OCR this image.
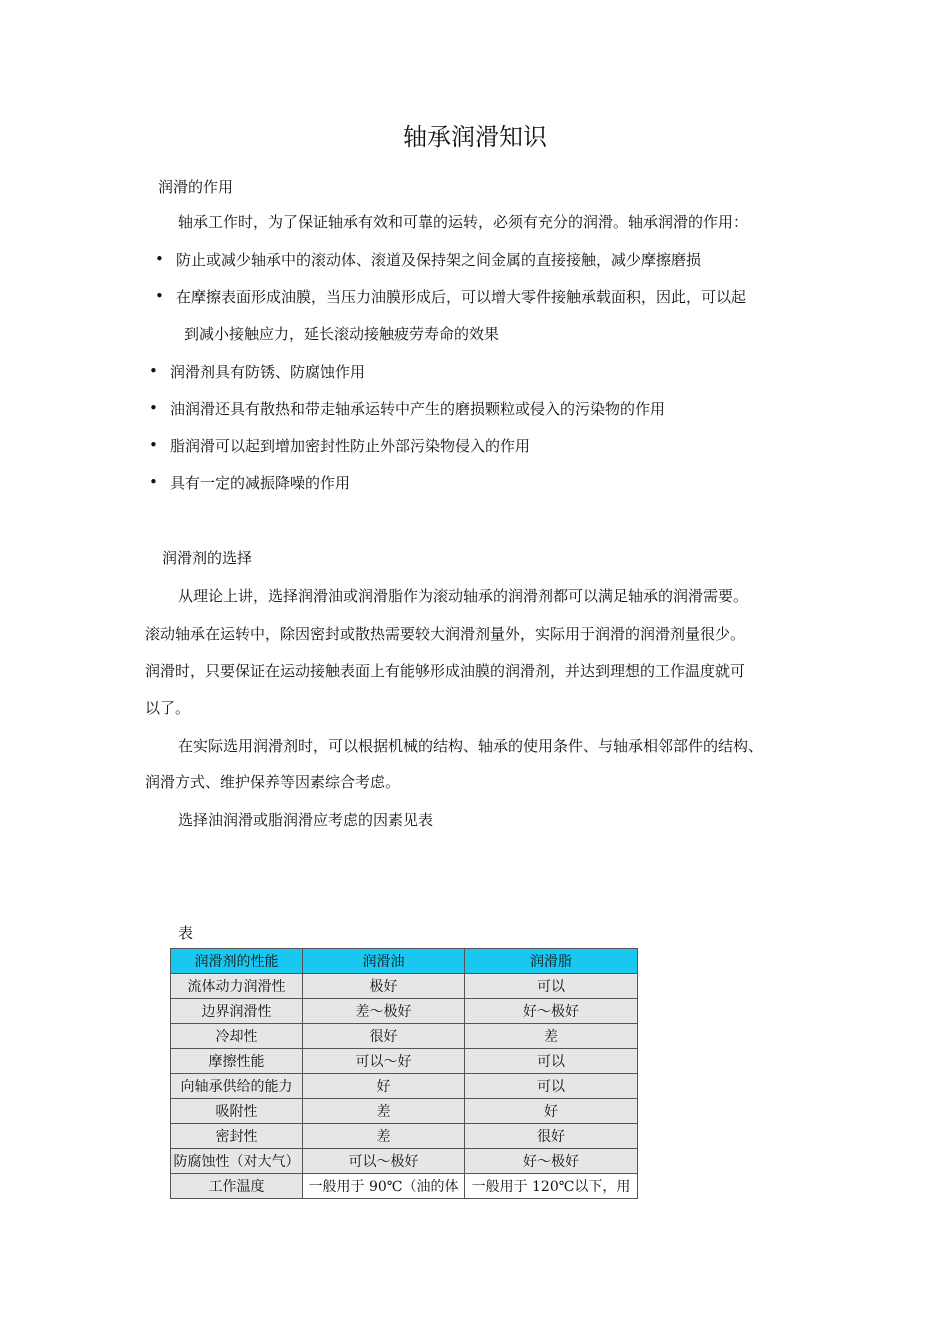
轴承润滑知识
润滑的作用
轴承工作时，为了保证轴承有效和可靠的运转，必须有充分的润滑。轴承润滑的作用：
• 防止或减少轴承中的滚动体、滚道及保持架之间金属的直接接触，减少摩擦磨损
• 在摩擦表面形成油膜，当压力油膜形成后，可以增大零件接触承载面积，因此，可以起
到减小接触应力，延长滚动接触疲劳寿命的效果
• 润滑剂具有防锈、防腐蚀作用
• 油润滑还具有散热和带走轴承运转中产生的磨损颗粒或侵入的污染物的作用
• 脂润滑可以起到增加密封性防止外部污染物侵入的作用
• 具有一定的减振降噪的作用
润滑剂的选择
从理论上讲，选择润滑油或润滑脂作为滚动轴承的润滑剂都可以满足轴承的润滑需要。
滚动轴承在运转中，除因密封或散热需要较大润滑剂量外，实际用于润滑的润滑剂量很少。
润滑时，只要保证在运动接触表面上有能够形成油膜的润滑剂，并达到理想的工作温度就可
以了。
在实际选用润滑剂时，可以根据机械的结构、轴承的使用条件、与轴承相邻部件的结构、
润滑方式、维护保养等因素综合考虑。
选择油润滑或脂润滑应考虑的因素见表
表
润滑剂的性能	润滑油	润滑脂
流体动力润滑性	极好	可以
边界润滑性	差～极好	好～极好
冷却性	很好	差
摩擦性能	可以～好	可以
向轴承供给的能力	好	可以
吸附性	差	好
密封性	差	很好
防腐蚀性（对大气）	可以～极好	好～极好
工作温度	一般用于 90℃（油的体	一般用于 120℃以下，用
